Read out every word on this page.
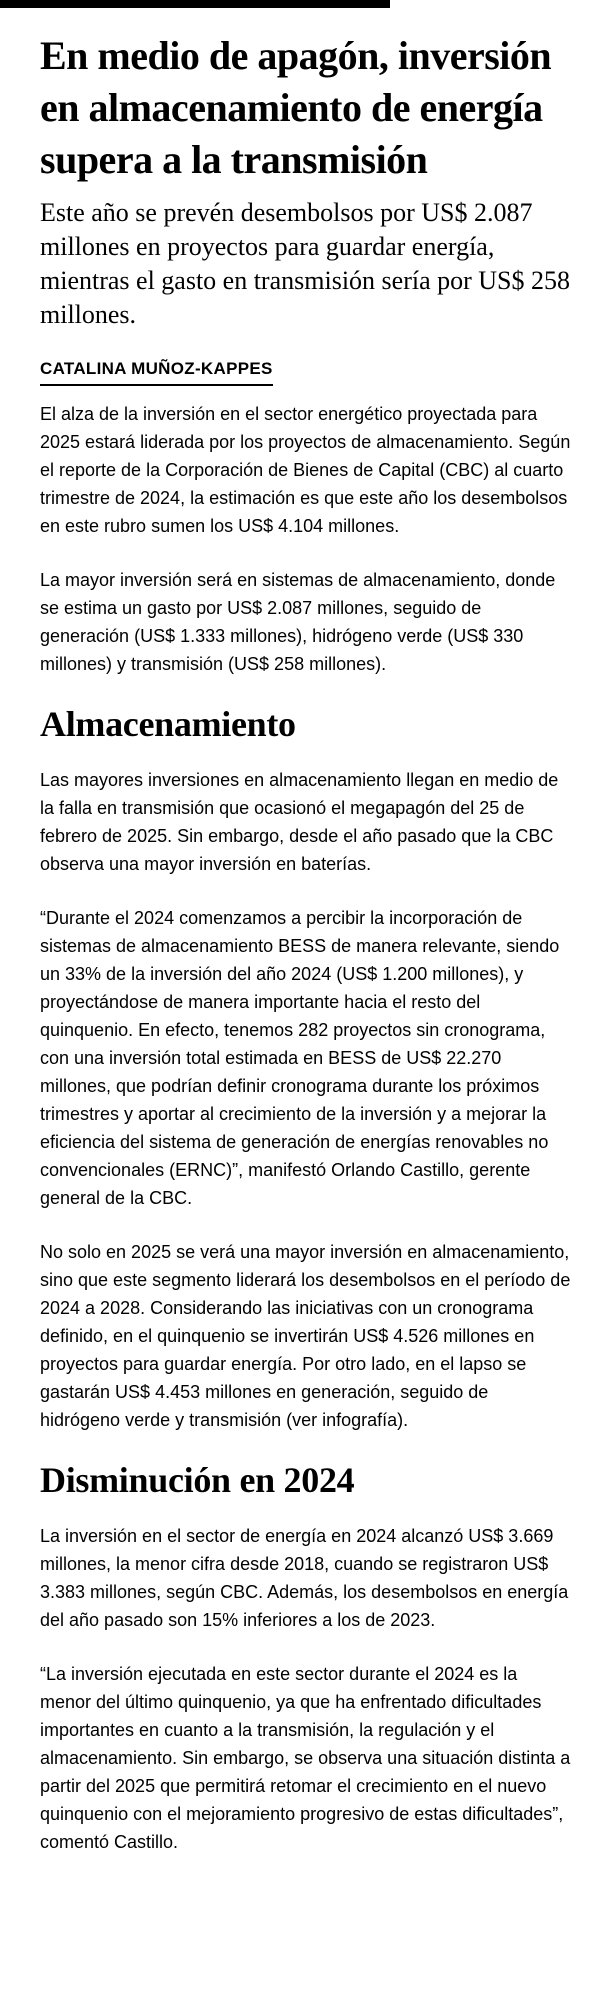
En medio de apagón, inversión en almacenamiento de energía supera a la transmisión

Este año se prevén desembolsos por US$ 2.087 millones en proyectos para guardar energía, mientras el gasto en transmisión sería por US$ 258 millones.

CATALINA MUÑOZ-KAPPES

El alza de la inversión en el sector energético proyectada para 2025 estará liderada por los proyectos de almacenamiento. Según el reporte de la Corporación de Bienes de Capital (CBC) al cuarto trimestre de 2024, la estimación es que este año los desembolsos en este rubro sumen los US$ 4.104 millones.

La mayor inversión será en sistemas de almacenamiento, donde se estima un gasto por US$ 2.087 millones, seguido de generación (US$ 1.333 millones), hidrógeno verde (US$ 330 millones) y transmisión (US$ 258 millones).

Almacenamiento

Las mayores inversiones en almacenamiento llegan en medio de la falla en transmisión que ocasionó el megapagón del 25 de febrero de 2025. Sin embargo, desde el año pasado que la CBC observa una mayor inversión en baterías.

“Durante el 2024 comenzamos a percibir la incorporación de sistemas de almacenamiento BESS de manera relevante, siendo un 33% de la inversión del año 2024 (US$ 1.200 millones), y proyectándose de manera importante hacia el resto del quinquenio. En efecto, tenemos 282 proyectos sin cronograma, con una inversión total estimada en BESS de US$ 22.270 millones, que podrían definir cronograma durante los próximos trimestres y aportar al crecimiento de la inversión y a mejorar la eficiencia del sistema de generación de energías renovables no convencionales (ERNC)”, manifestó Orlando Castillo, gerente general de la CBC.

No solo en 2025 se verá una mayor inversión en almacenamiento, sino que este segmento liderará los desembolsos en el período de 2024 a 2028. Considerando las iniciativas con un cronograma definido, en el quinquenio se invertirán US$ 4.526 millones en proyectos para guardar energía. Por otro lado, en el lapso se gastarán US$ 4.453 millones en generación, seguido de hidrógeno verde y transmisión (ver infografía).

Disminución en 2024

La inversión en el sector de energía en 2024 alcanzó US$ 3.669 millones, la menor cifra desde 2018, cuando se registraron US$ 3.383 millones, según CBC. Además, los desembolsos en energía del año pasado son 15% inferiores a los de 2023.

“La inversión ejecutada en este sector durante el 2024 es la menor del último quinquenio, ya que ha enfrentado dificultades importantes en cuanto a la transmisión, la regulación y el almacenamiento. Sin embargo, se observa una situación distinta a partir del 2025 que permitirá retomar el crecimiento en el nuevo quinquenio con el mejoramiento progresivo de estas dificultades”, comentó Castillo.
